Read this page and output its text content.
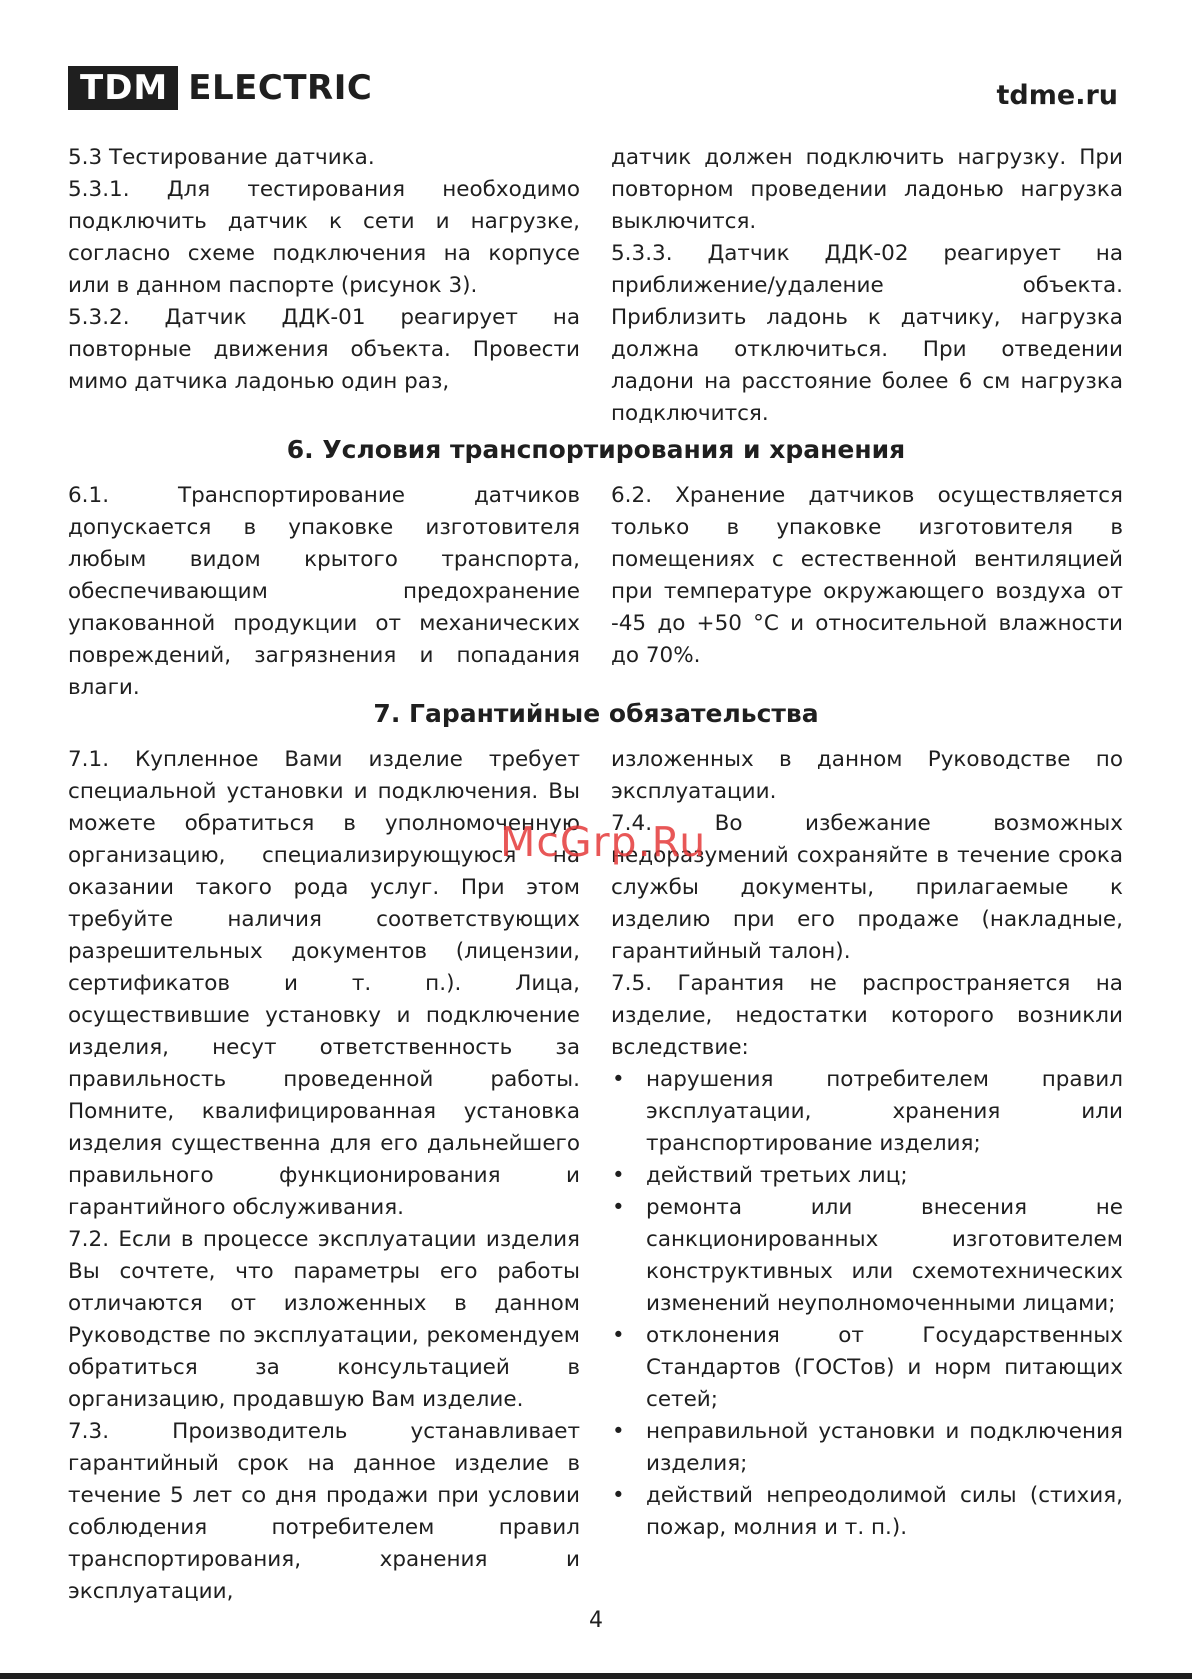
TDM ELECTRIC	tdme.ru

5.3 Тестирование датчика.

5.3.1. Для тестирования необходимо подключить датчик к сети и нагрузке, согласно схеме подключения на корпусе или в данном паспорте (рисунок 3).

5.3.2. Датчик ДДК-01 реагирует на повторные движения объекта. Провести мимо датчика ладонью один раз,

датчик должен подключить нагрузку. При повторном проведении ладонью нагрузка выключится.

5.3.3. Датчик ДДК-02 реагирует на приближение/удаление объекта. Приблизить ладонь к датчику, нагрузка должна отключиться. При отведении ладони на расстояние более 6 см нагрузка подключится.

6. Условия транспортирования и хранения

6.1. Транспортирование датчиков допускается в упаковке изготовителя любым видом крытого транспорта, обеспечивающим предохранение упакованной продукции от механических повреждений, загрязнения и попадания влаги.

6.2. Хранение датчиков осуществляется только в упаковке изготовителя в помещениях с естественной вентиляцией при температуре окружающего воздуха от -45 до +50 °С и относительной влажности до 70%.

7. Гарантийные обязательства

7.1. Купленное Вами изделие требует специальной установки и подключения. Вы можете обратиться в уполномоченную организацию, специализирующуюся на оказании такого рода услуг. При этом требуйте наличия соответствующих разрешительных документов (лицензии, сертификатов и т. п.). Лица, осуществившие установку и подключение изделия, несут ответственность за правильность проведенной работы. Помните, квалифицированная установка изделия существенна для его дальнейшего правильного функционирования и гарантийного обслуживания.

7.2. Если в процессе эксплуатации изделия Вы сочтете, что параметры его работы отличаются от изложенных в данном Руководстве по эксплуатации, рекомендуем обратиться за консультацией в организацию, продавшую Вам изделие.

7.3. Производитель устанавливает гарантийный срок на данное изделие в течение 5 лет со дня продажи при условии соблюдения потребителем правил транспортирования, хранения и эксплуатации,

изложенных в данном Руководстве по эксплуатации.

7.4. Во избежание возможных недоразумений сохраняйте в течение срока службы документы, прилагаемые к изделию при его продаже (накладные, гарантийный талон).

7.5. Гарантия не распространяется на изделие, недостатки которого возникли вследствие:

• нарушения потребителем правил эксплуатации, хранения или транспортирование изделия;
• действий третьих лиц;
• ремонта или внесения не санкционированных изготовителем конструктивных или схемотехнических изменений неуполномоченными лицами;
• отклонения от Государственных Стандартов (ГОСТов) и норм питающих сетей;
• неправильной установки и подключения изделия;
• действий непреодолимой силы (стихия, пожар, молния и т. п.).
McGrp.Ru
4
